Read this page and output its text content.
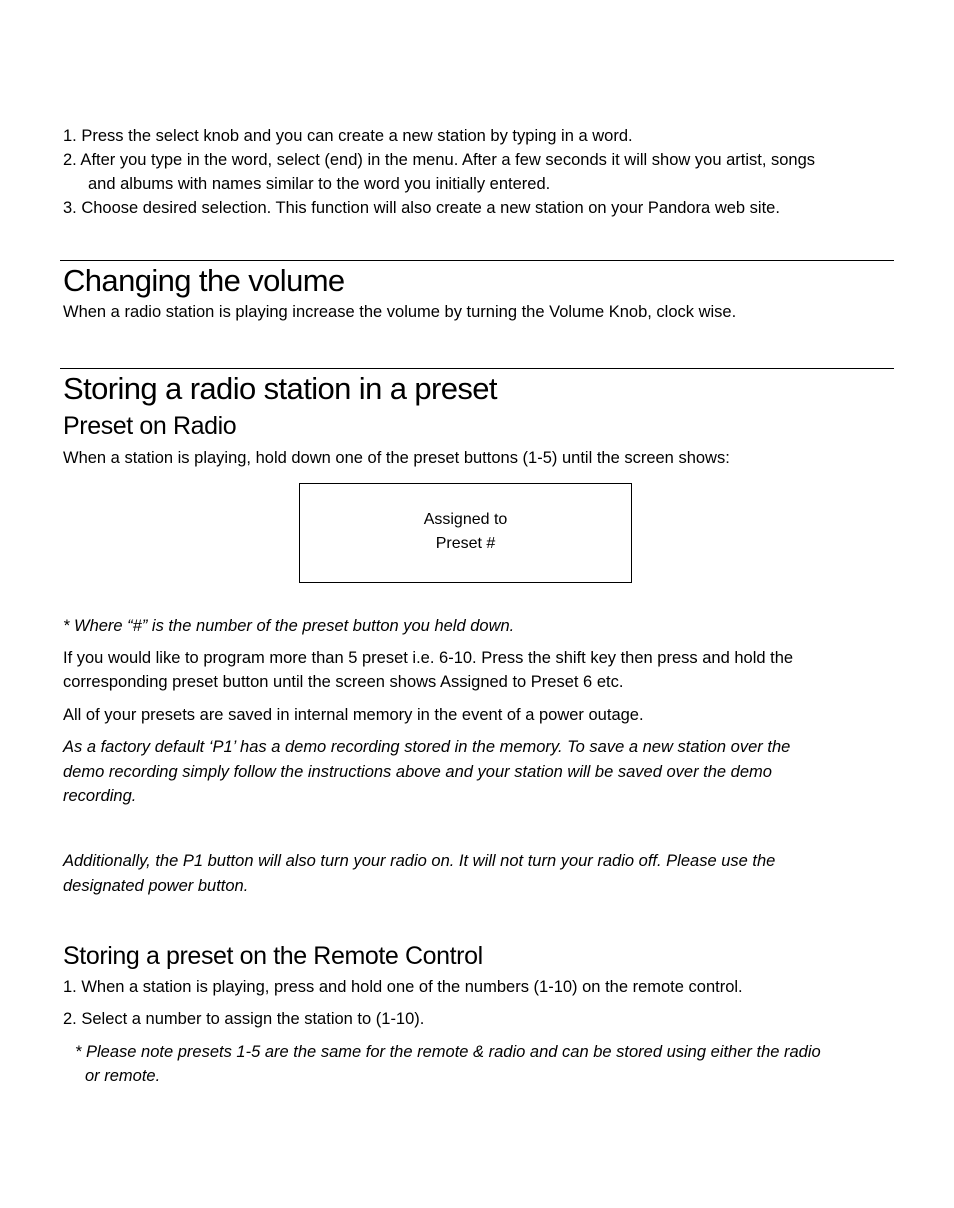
1. Press the select knob and you can create a new station by typing in a word.
2. After you type in the word, select (end) in the menu. After a few seconds it will show you artist, songs
and albums with names similar to the word you initially entered.
3. Choose desired selection. This function will also create a new station on your Pandora web site.
Changing the volume
When a radio station is playing increase the volume by turning the Volume Knob, clock wise.
Storing a radio station in a preset
Preset on Radio
When a station is playing, hold down one of the preset buttons (1-5) until the screen shows:
Assigned to
Preset #
* Where “#” is the number of the preset button you held down.
If you would like to program more than 5 preset i.e. 6-10. Press the shift key then press and hold the
corresponding preset button until the screen shows Assigned to Preset 6 etc.
All of your presets are saved in internal memory in the event of a power outage.
As a factory default ‘P1’ has a demo recording stored in the memory. To save a new station over the
demo recording simply follow the instructions above and your station will be saved over the demo
recording.
Additionally, the P1 button will also turn your radio on. It will not turn your radio off. Please use the
designated power button.
Storing a preset on the Remote Control
1. When a station is playing, press and hold one of the numbers (1-10) on the remote control.
2. Select a number to assign the station to (1-10).
* Please note presets 1-5 are the same for the remote & radio and can be stored using either the radio
or remote.
